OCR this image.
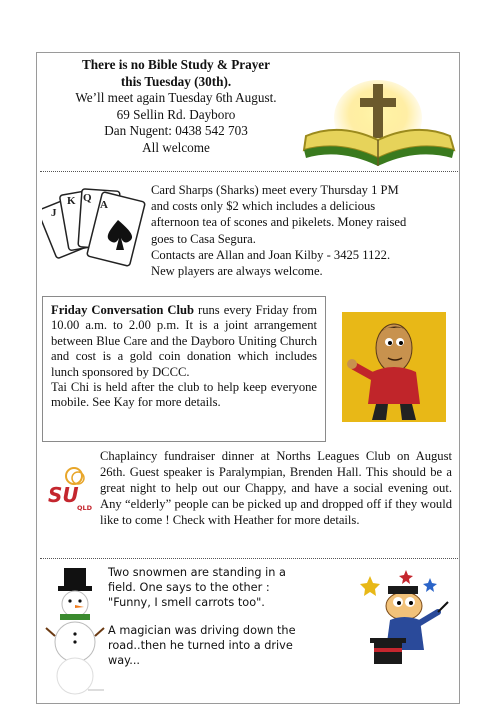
There is no Bible Study & Prayer
this Tuesday (30th).
We’ll meet again Tuesday 6th August.
69 Sellin Rd. Dayboro
Dan Nugent: 0438 542 703
All welcome
J
K Q
A
Card Sharps (Sharks) meet every Thursday 1 PM
and costs only $2 which includes a delicious
afternoon tea of scones and pikelets. Money raised
goes to Casa Segura.
Contacts are Allan and Joan Kilby - 3425 1122.
New players are always welcome.
Friday Conversation Club runs every Friday from 10.00 a.m. to 2.00 p.m. It is a joint arrangement between Blue Care and the Dayboro Uniting Church and cost is a gold coin donation which includes lunch sponsored by DCCC.
Tai Chi is held after the club to help keep everyone mobile. See Kay for more details.
SU
QLD
Chaplaincy fundraiser dinner at Norths Leagues Club on August 26th. Guest speaker is Paralympian, Brenden Hall. This should be a great night to help out our Chappy, and have a social evening out. Any “elderly” people can be picked up and dropped off if they would like to come ! Check with Heather for more details.

Two snowmen are standing in a field. One says to the other : "Funny, I smell carrots too".

A magician was driving down the road..then he turned into a drive way...
